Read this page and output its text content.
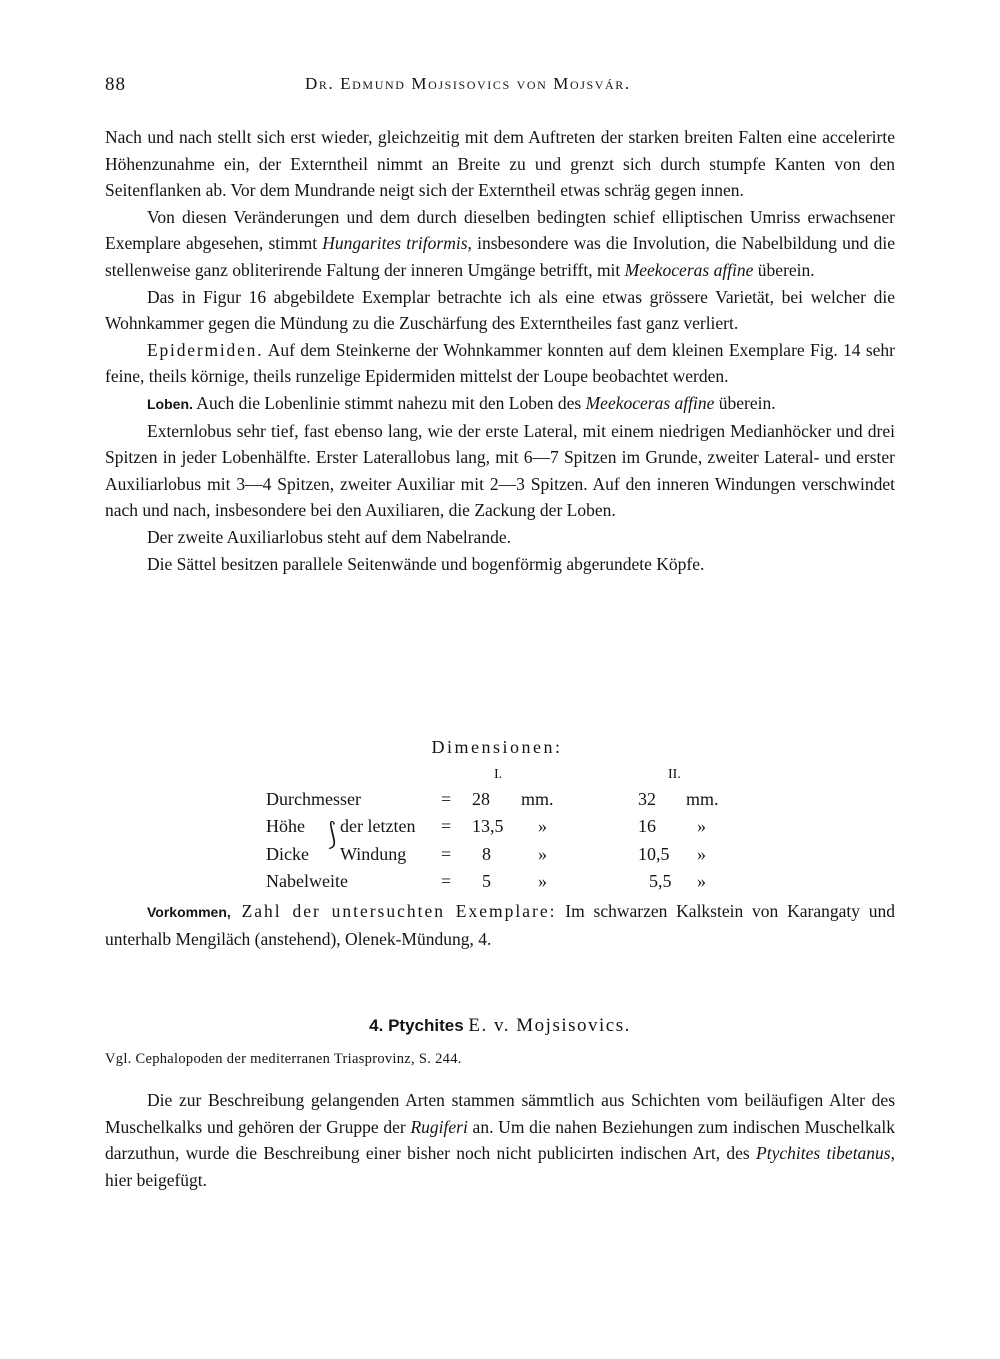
88	Dr. Edmund Mojsisovics von Mojsvár.

Nach und nach stellt sich erst wieder, gleichzeitig mit dem Auftreten der starken breiten Falten eine accelerirte Höhenzunahme ein, der Externtheil nimmt an Breite zu und grenzt sich durch stumpfe Kanten von den Seitenflanken ab. Vor dem Mundrande neigt sich der Externtheil etwas schräg gegen innen.

Von diesen Veränderungen und dem durch dieselben bedingten schief elliptischen Umriss erwachsener Exemplare abgesehen, stimmt Hungarites triformis, insbesondere was die Involution, die Nabelbildung und die stellenweise ganz obliterirende Faltung der inneren Umgänge betrifft, mit Meekoceras affine überein.

Das in Figur 16 abgebildete Exemplar betrachte ich als eine etwas grössere Varietät, bei welcher die Wohnkammer gegen die Mündung zu die Zuschärfung des Externtheiles fast ganz verliert.

Epidermiden. Auf dem Steinkerne der Wohnkammer konnten auf dem kleinen Exemplare Fig. 14 sehr feine, theils körnige, theils runzelige Epidermiden mittelst der Loupe beobachtet werden.

Loben. Auch die Lobenlinie stimmt nahezu mit den Loben des Meekoceras affine überein.

Externlobus sehr tief, fast ebenso lang, wie der erste Lateral, mit einem niedrigen Medianhöcker und drei Spitzen in jeder Lobenhälfte. Erster Laterallobus lang, mit 6—7 Spitzen im Grunde, zweiter Lateral- und erster Auxiliarlobus mit 3—4 Spitzen, zweiter Auxiliar mit 2—3 Spitzen. Auf den inneren Windungen verschwindet nach und nach, insbesondere bei den Auxiliaren, die Zackung der Loben.

Der zweite Auxiliarlobus steht auf dem Nabelrande.

Die Sättel besitzen parallele Seitenwände und bogenförmig abgerundete Köpfe.

Dimensionen:
I.	II.
Durchmesser	= 28 mm.	32 mm.
Höhe der letzten = 13,5 »	16 »
Dicke Windung = 8	»	10,5 »
Nabelweite	= 5	»	5,5 »
⟆

Vorkommen, Zahl der untersuchten Exemplare: Im schwarzen Kalkstein von Karangaty und unterhalb Mengiläch (anstehend), Olenek-Mündung, 4.

4. Ptychites E. v. Mojsisovics.
Vgl. Cephalopoden der mediterranen Triasprovinz, S. 244.

Die zur Beschreibung gelangenden Arten stammen sämmtlich aus Schichten vom beiläufigen Alter des Muschelkalks und gehören der Gruppe der Rugiferi an. Um die nahen Beziehungen zum indischen Muschelkalk darzuthun, wurde die Beschreibung einer bisher noch nicht publicirten indischen Art, des Ptychites tibetanus, hier beigefügt.
